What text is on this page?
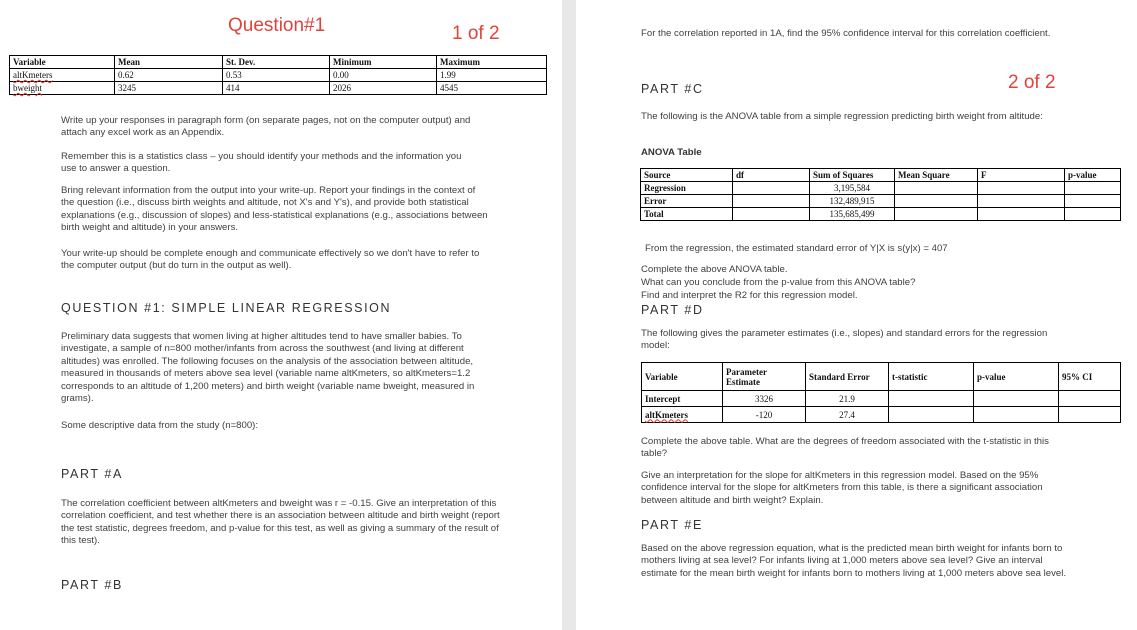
Question#1	1 of 2
Variable	Mean	St. Dev.	Minimum	Maximum
altKmeters	0.62	0.53	0.00	1.99
bweight	3245	414	2026	4545

Write up your responses in paragraph form (on separate pages, not on the computer output) and attach any excel work as an Appendix.

Remember this is a statistics class – you should identify your methods and the information you use to answer a question.

Bring relevant information from the output into your write-up. Report your findings in the context of the question (i.e., discuss birth weights and altitude, not X's and Y's), and provide both statistical explanations (e.g., discussion of slopes) and less-statistical explanations (e.g., associations between birth weight and altitude) in your answers.

Your write-up should be complete enough and communicate effectively so we don't have to refer to the computer output (but do turn in the output as well).

QUESTION #1: SIMPLE LINEAR REGRESSION

Preliminary data suggests that women living at higher altitudes tend to have smaller babies. To investigate, a sample of n=800 mother/infants from across the southwest (and living at different altitudes) was enrolled. The following focuses on the analysis of the association between altitude, measured in thousands of meters above sea level (variable name altKmeters, so altKmeters=1.2 corresponds to an altitude of 1,200 meters) and birth weight (variable name bweight, measured in grams).

Some descriptive data from the study (n=800):

PART #A

The correlation coefficient between altKmeters and bweight was r = -0.15. Give an interpretation of this correlation coefficient, and test whether there is an association between altitude and birth weight (report the test statistic, degrees freedom, and p-value for this test, as well as giving a summary of the result of this test).

PART #B

For the correlation reported in 1A, find the 95% confidence interval for this correlation coefficient.

PART #C	2 of 2

The following is the ANOVA table from a simple regression predicting birth weight from altitude:

ANOVA Table
Source	df	Sum of Squares	Mean Square	F	p-value
Regression		3,195,584			
Error		132,489,915			
Total		135,685,499			

From the regression, the estimated standard error of Y|X is s(y|x) = 407

Complete the above ANOVA table.

What can you conclude from the p-value from this ANOVA table?

Find and interpret the R2 for this regression model.

PART #D

The following gives the parameter estimates (i.e., slopes) and standard errors for the regression model:

Variable	Parameter Estimate	Standard Error	t-statistic	p-value	95% CI
Intercept	3326	21.9			
altKmeters	-120	27.4			

Complete the above table. What are the degrees of freedom associated with the t-statistic in this table?

Give an interpretation for the slope for altKmeters in this regression model. Based on the 95% confidence interval for the slope for altKmeters from this table, is there a significant association between altitude and birth weight? Explain.

PART #E

Based on the above regression equation, what is the predicted mean birth weight for infants born to mothers living at sea level? For infants living at 1,000 meters above sea level? Give an interval estimate for the mean birth weight for infants born to mothers living at 1,000 meters above sea level.
